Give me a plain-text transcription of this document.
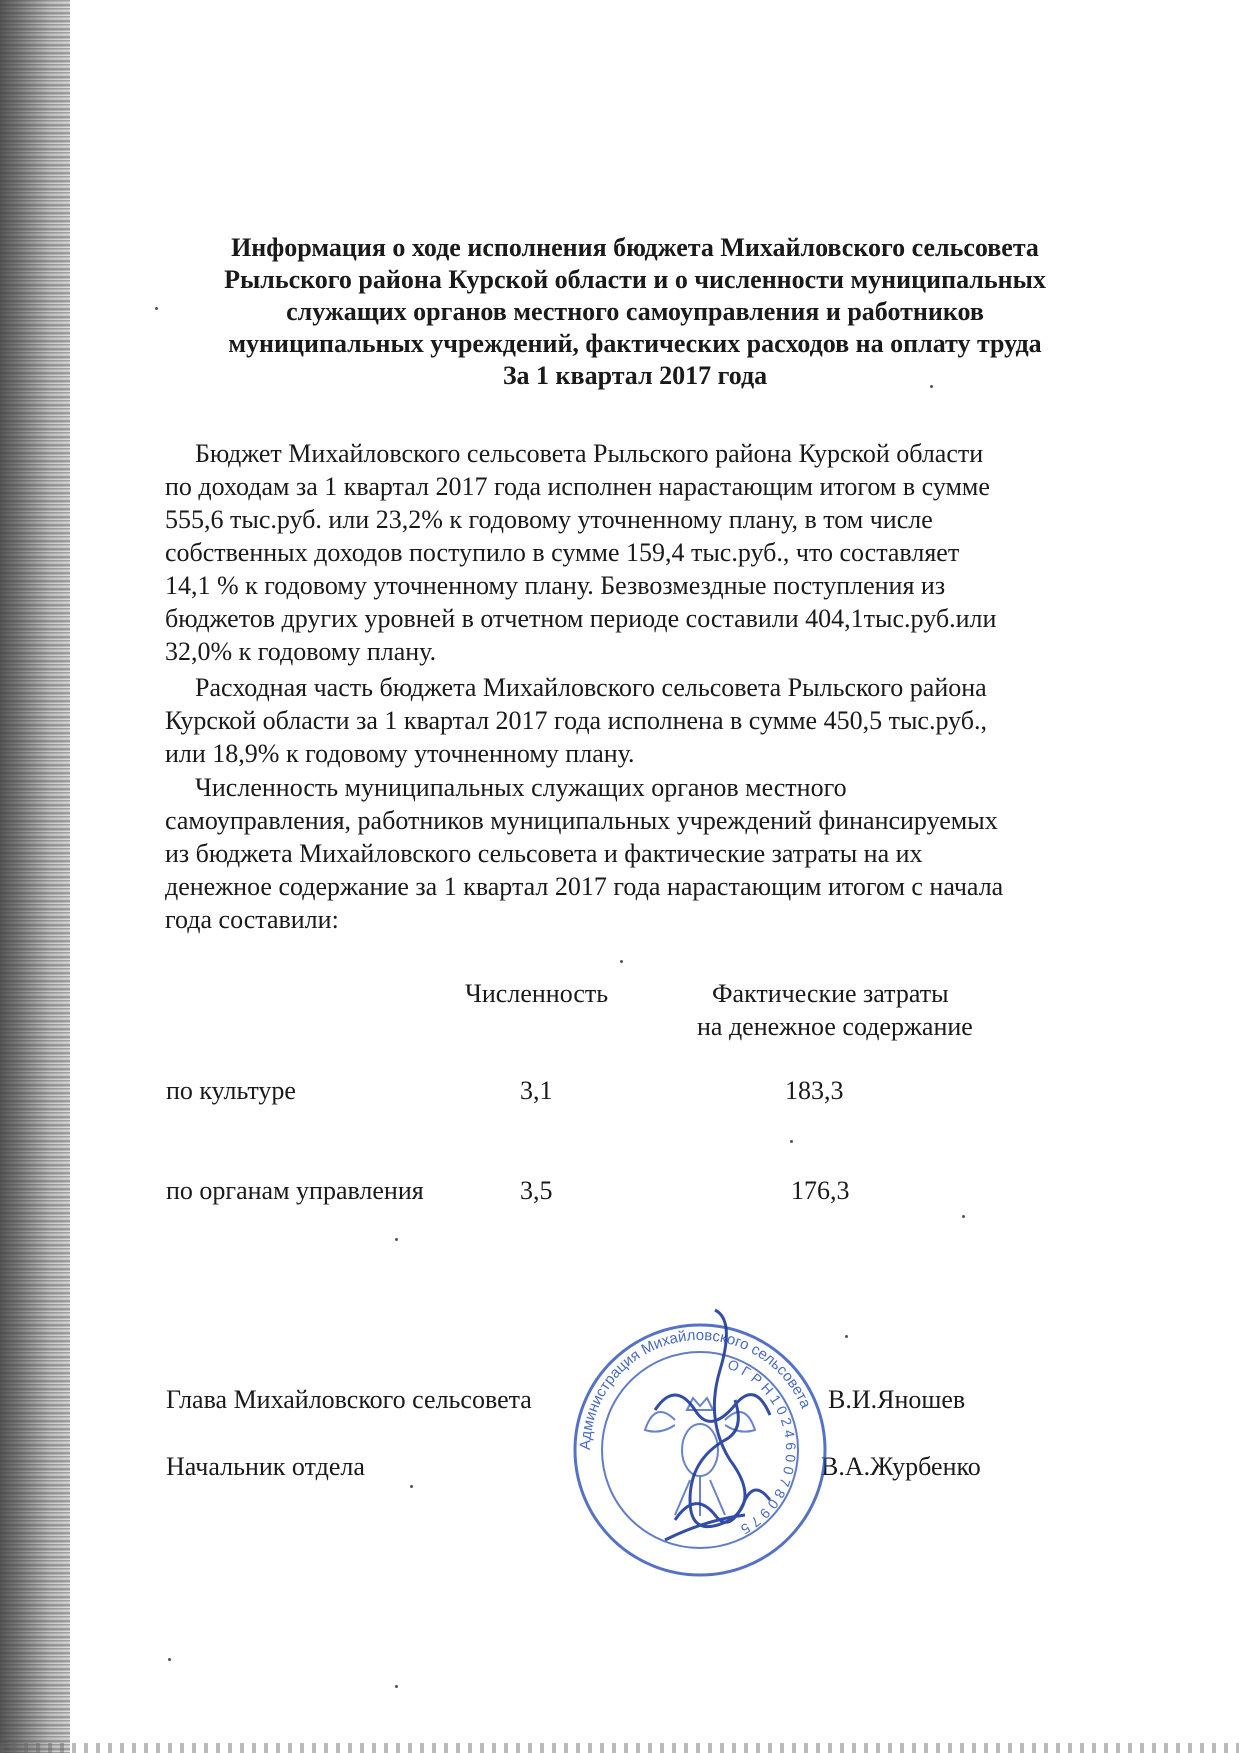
Информация о ходе исполнения бюджета Михайловского сельсовета
Рыльского района Курской области и о численности муниципальных
служащих органов местного самоуправления и работников
муниципальных учреждений, фактических расходов на оплату труда
За 1 квартал 2017 года
Бюджет Михайловского сельсовета Рыльского района Курской области
по доходам за 1 квартал 2017 года исполнен нарастающим итогом в сумме
555,6 тыс.руб. или 23,2% к годовому уточненному плану, в том числе
собственных доходов поступило в сумме 159,4 тыс.руб., что составляет
14,1 % к годовому уточненному плану. Безвозмездные поступления из
бюджетов других уровней в отчетном периоде составили 404,1тыс.руб.или
32,0% к годовому плану.
Расходная часть бюджета Михайловского сельсовета Рыльского района
Курской области за 1 квартал 2017 года исполнена в сумме 450,5 тыс.руб.,
или 18,9% к годовому уточненному плану.
Численность муниципальных служащих органов местного
самоуправления, работников муниципальных учреждений финансируемых
из бюджета Михайловского сельсовета и фактические затраты на их
денежное содержание за 1 квартал 2017 года нарастающим итогом с начала
года составили:
Численность	Фактические затраты
на денежное содержание
по культуре	3,1	183,3
по органам управления	3,5	176,3
Глава Михайловского сельсовета	В.И.Яношев
Начальник отдела	В.А.Журбенко
Администрация Михайловского сельсовета
О Г Р Н 1 0 2 4 6 0 0 7 8 0 9 7 5
